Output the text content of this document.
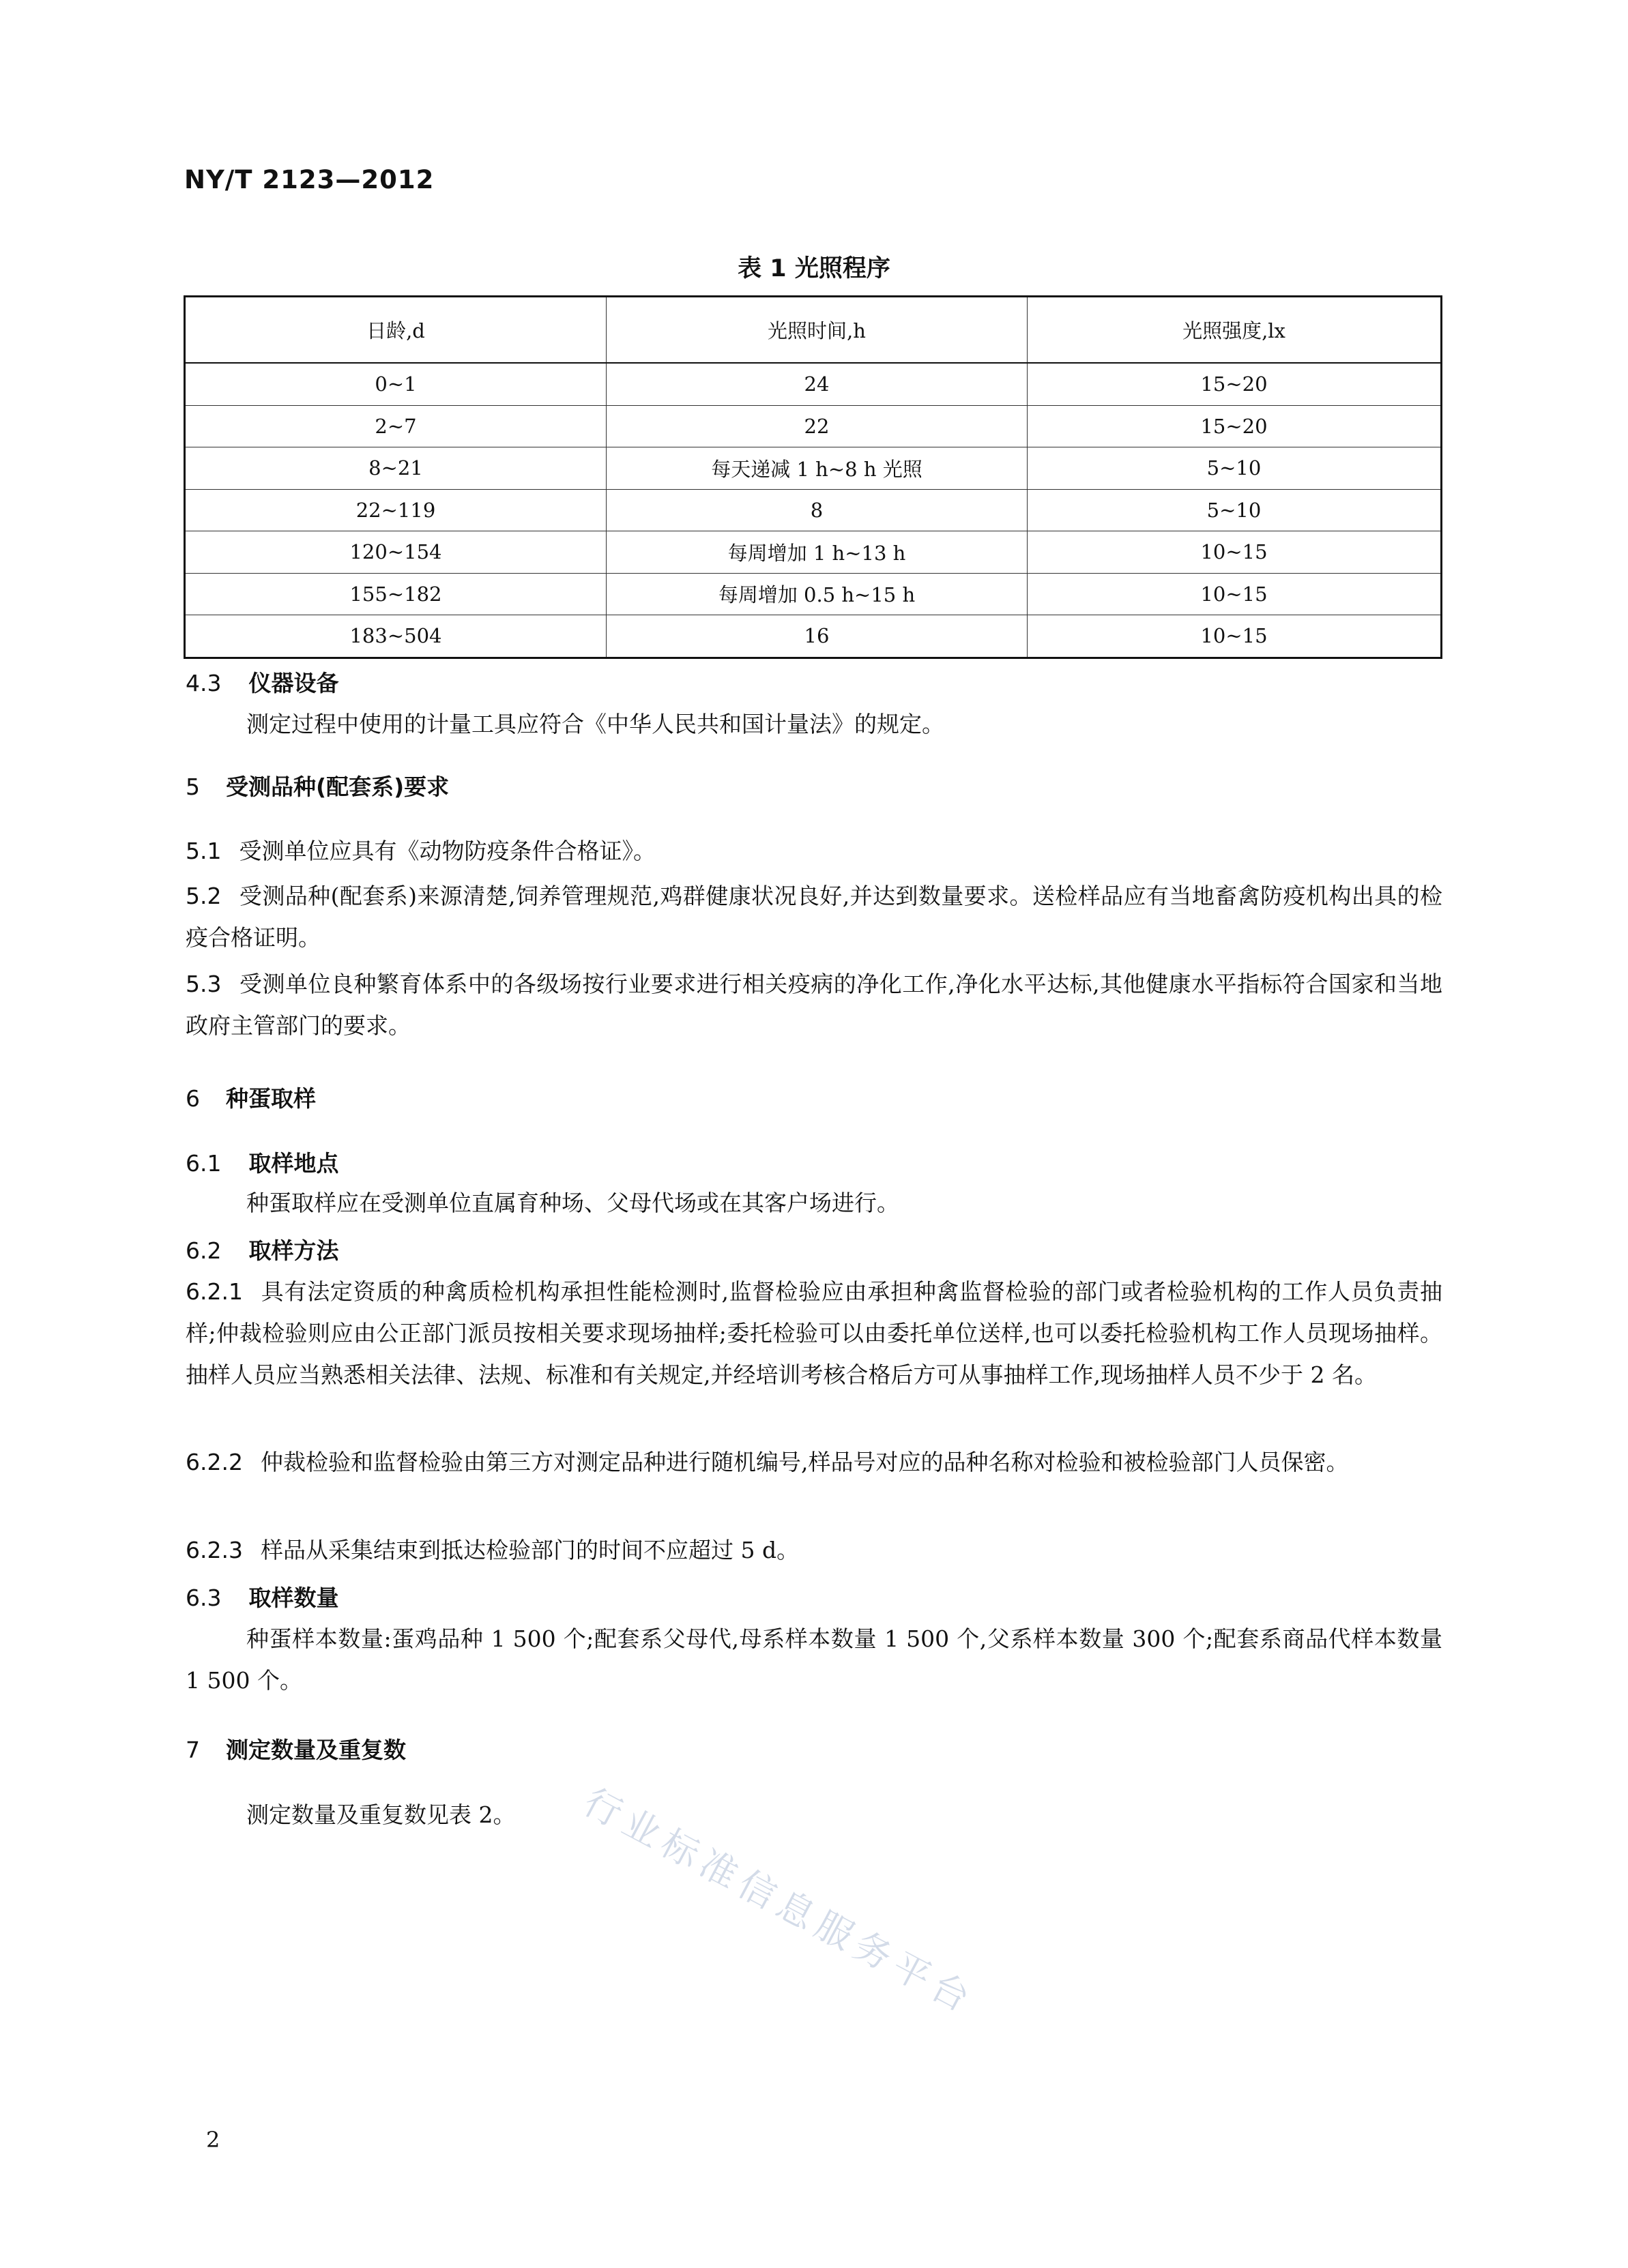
NY/T 2123—2012
表 1 光照程序
日龄,d	光照时间,h	光照强度,lx
0~1	24	15~20
2~7	22	15~20
8~21	每天递减 1 h~8 h 光照	5~10
22~119	8	5~10
120~154	每周增加 1 h~13 h	10~15
155~182	每周增加 0.5 h~15 h	10~15
183~504	16	10~15
4.3 仪器设备
测定过程中使用的计量工具应符合《中华人民共和国计量法》的规定。
5 受测品种(配套系)要求
5.1 受测单位应具有《动物防疫条件合格证》。
5.2 受测品种(配套系)来源清楚,饲养管理规范,鸡群健康状况良好,并达到数量要求。送检样品应有当地畜禽防疫机构出具的检疫合格证明。
5.3 受测单位良种繁育体系中的各级场按行业要求进行相关疫病的净化工作,净化水平达标,其他健康水平指标符合国家和当地政府主管部门的要求。
6 种蛋取样
6.1 取样地点
种蛋取样应在受测单位直属育种场、父母代场或在其客户场进行。
6.2 取样方法
6.2.1 具有法定资质的种禽质检机构承担性能检测时,监督检验应由承担种禽监督检验的部门或者检验机构的工作人员负责抽样;仲裁检验则应由公正部门派员按相关要求现场抽样;委托检验可以由委托单位送样,也可以委托检验机构工作人员现场抽样。抽样人员应当熟悉相关法律、法规、标准和有关规定,并经培训考核合格后方可从事抽样工作,现场抽样人员不少于 2 名。
6.2.2 仲裁检验和监督检验由第三方对测定品种进行随机编号,样品号对应的品种名称对检验和被检验部门人员保密。
6.2.3 样品从采集结束到抵达检验部门的时间不应超过 5 d。
6.3 取样数量
种蛋样本数量:蛋鸡品种 1 500 个;配套系父母代,母系样本数量 1 500 个,父系样本数量 300 个;配套系商品代样本数量 1 500 个。
7 测定数量及重复数
测定数量及重复数见表 2。	行业标准信息服务平台
2
